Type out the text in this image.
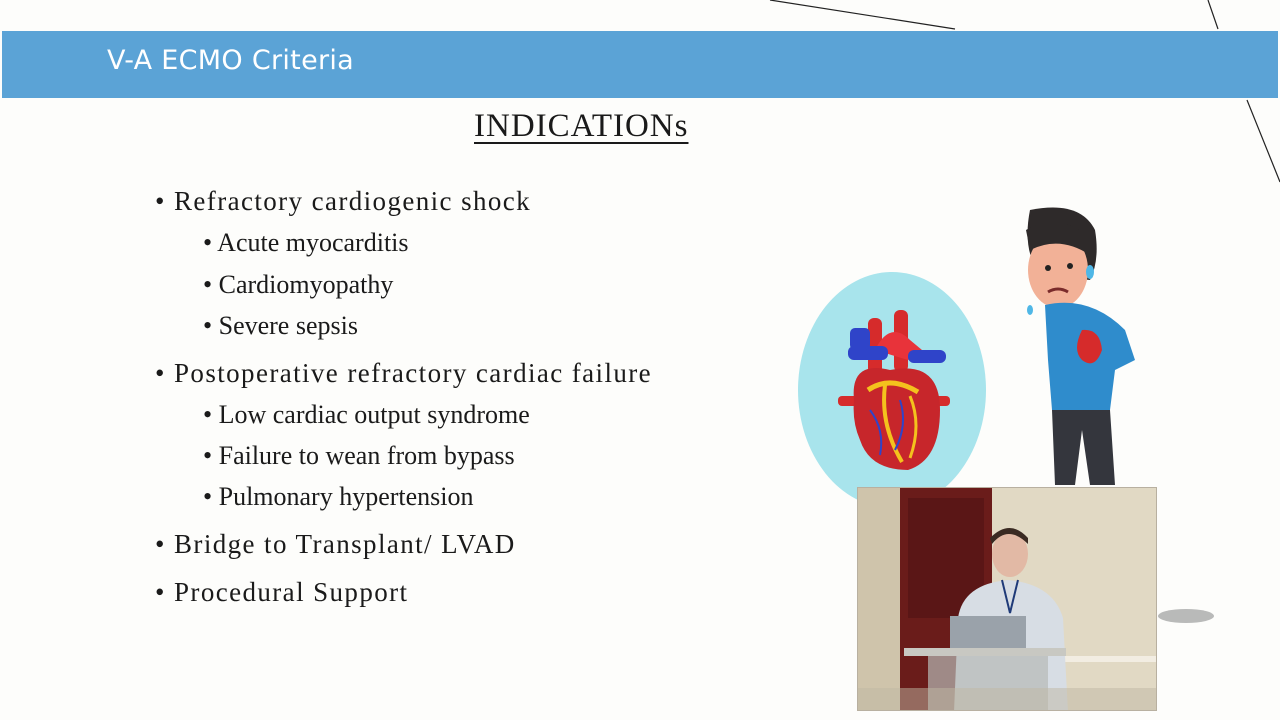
V-A ECMO Criteria
INDICATIONs
• Refractory cardiogenic shock
• Acute myocarditis
• Cardiomyopathy
• Severe sepsis
• Postoperative refractory cardiac failure
• Low cardiac output syndrome
• Failure to wean from bypass
• Pulmonary hypertension
• Bridge to Transplant/ LVAD
• Procedural Support
